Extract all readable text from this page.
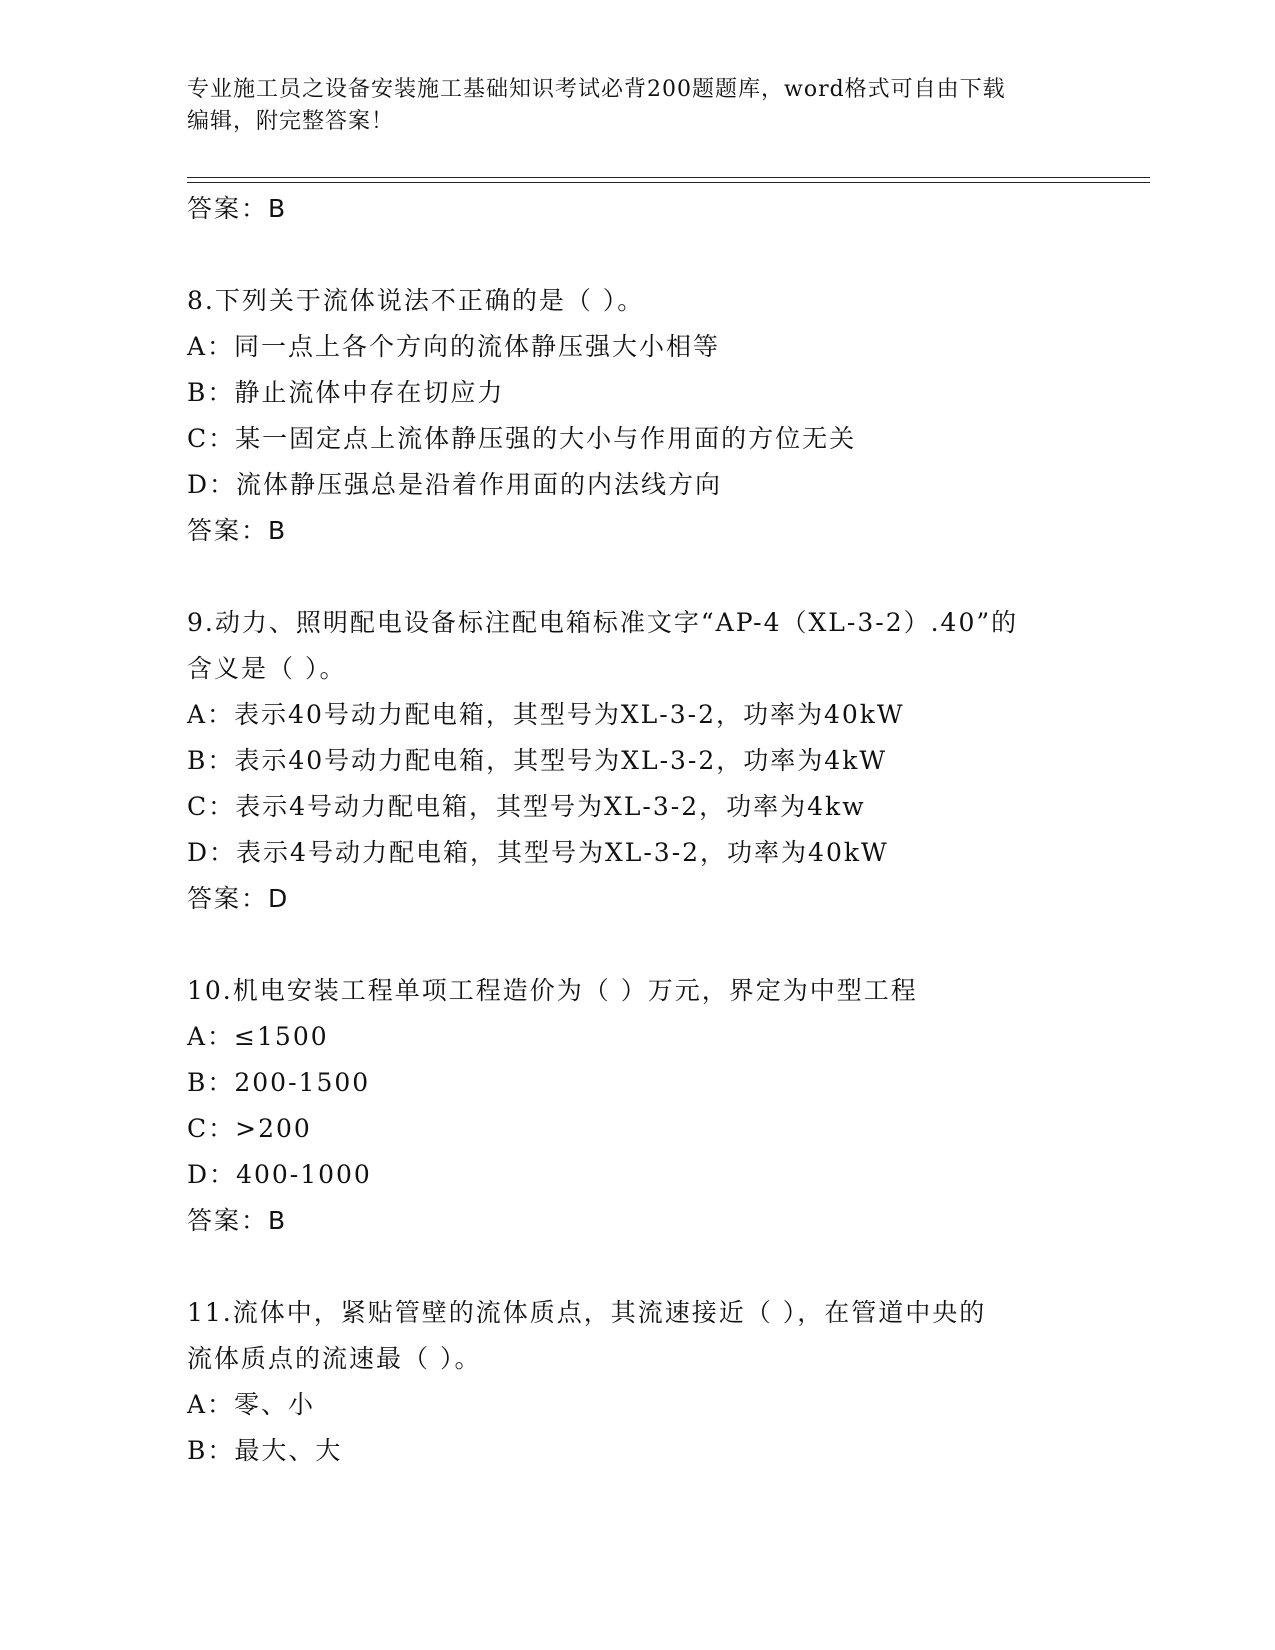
专业施工员之设备安装施工基础知识考试必背200题题库，word格式可自由下载
编辑，附完整答案！
答案：B
8.下列关于流体说法不正确的是（ ）。
A：同一点上各个方向的流体静压强大小相等
B：静止流体中存在切应力
C：某一固定点上流体静压强的大小与作用面的方位无关
D：流体静压强总是沿着作用面的内法线方向
答案：B
9.动力、照明配电设备标注配电箱标准文字“AP-4（XL-3-2）.40”的
含义是（ ）。
A：表示40号动力配电箱，其型号为XL-3-2，功率为40kW
B：表示40号动力配电箱，其型号为XL-3-2，功率为4kW
C：表示4号动力配电箱，其型号为XL-3-2，功率为4kw
D：表示4号动力配电箱，其型号为XL-3-2，功率为40kW
答案：D
10.机电安装工程单项工程造价为（ ）万元，界定为中型工程
A：≤1500
B：200-1500
C：>200
D：400-1000
答案：B
11.流体中，紧贴管壁的流体质点，其流速接近（ ），在管道中央的
流体质点的流速最（ ）。
A：零、小
B：最大、大
